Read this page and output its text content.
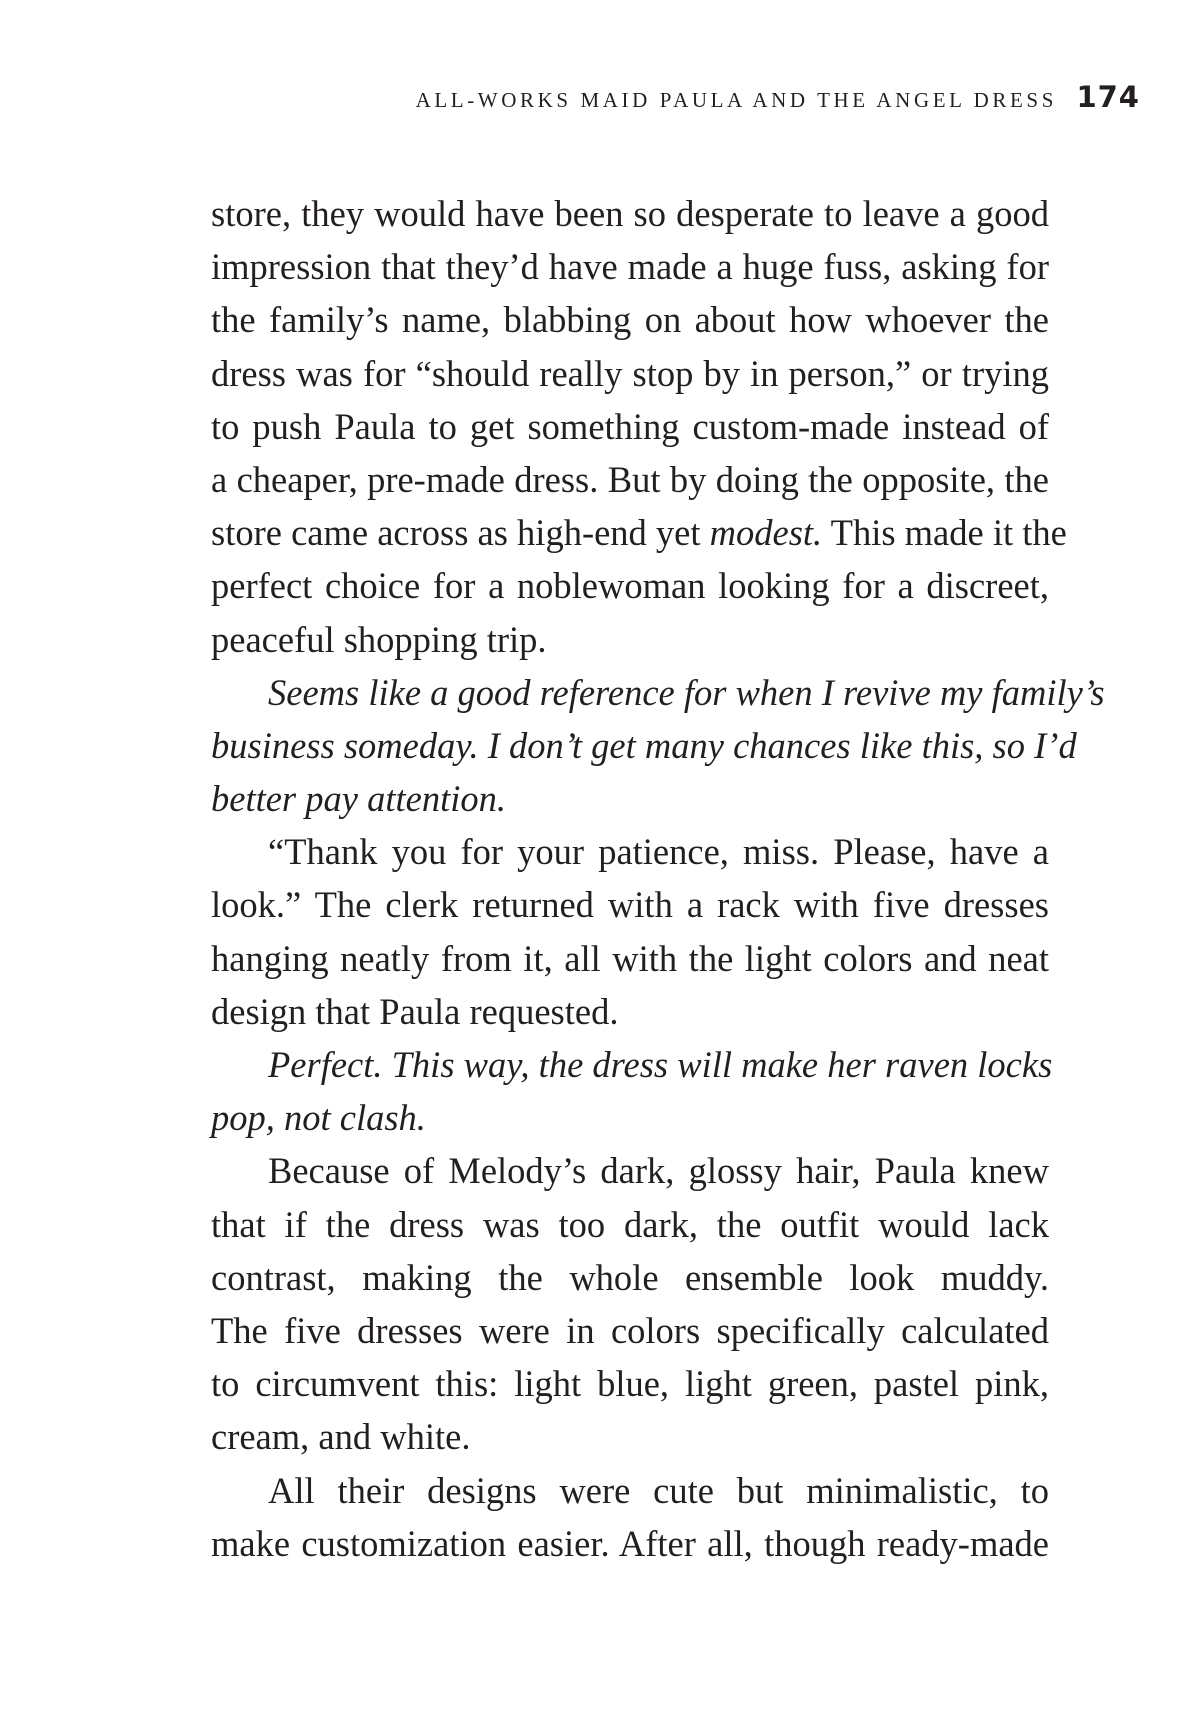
ALL-WORKS MAID PAULA AND THE ANGEL DRESS 174
store, they would have been so desperate to leave a good
impression that they’d have made a huge fuss, asking for
the family’s name, blabbing on about how whoever the
dress was for “should really stop by in person,” or trying
to push Paula to get something custom-made instead of
a cheaper, pre-made dress. But by doing the opposite, the
store came across as high-end yet modest. This made it the
perfect choice for a noblewoman looking for a discreet,
peaceful shopping trip.
Seems like a good reference for when I revive my family’s
business someday. I don’t get many chances like this, so I’d
better pay attention.
“Thank you for your patience, miss. Please, have a
look.” The clerk returned with a rack with five dresses
hanging neatly from it, all with the light colors and neat
design that Paula requested.
Perfect. This way, the dress will make her raven locks
pop, not clash.
Because of Melody’s dark, glossy hair, Paula knew
that if the dress was too dark, the outfit would lack
contrast, making the whole ensemble look muddy.
The five dresses were in colors specifically calculated
to circumvent this: light blue, light green, pastel pink,
cream, and white.
All their designs were cute but minimalistic, to
make customization easier. After all, though ready-made
